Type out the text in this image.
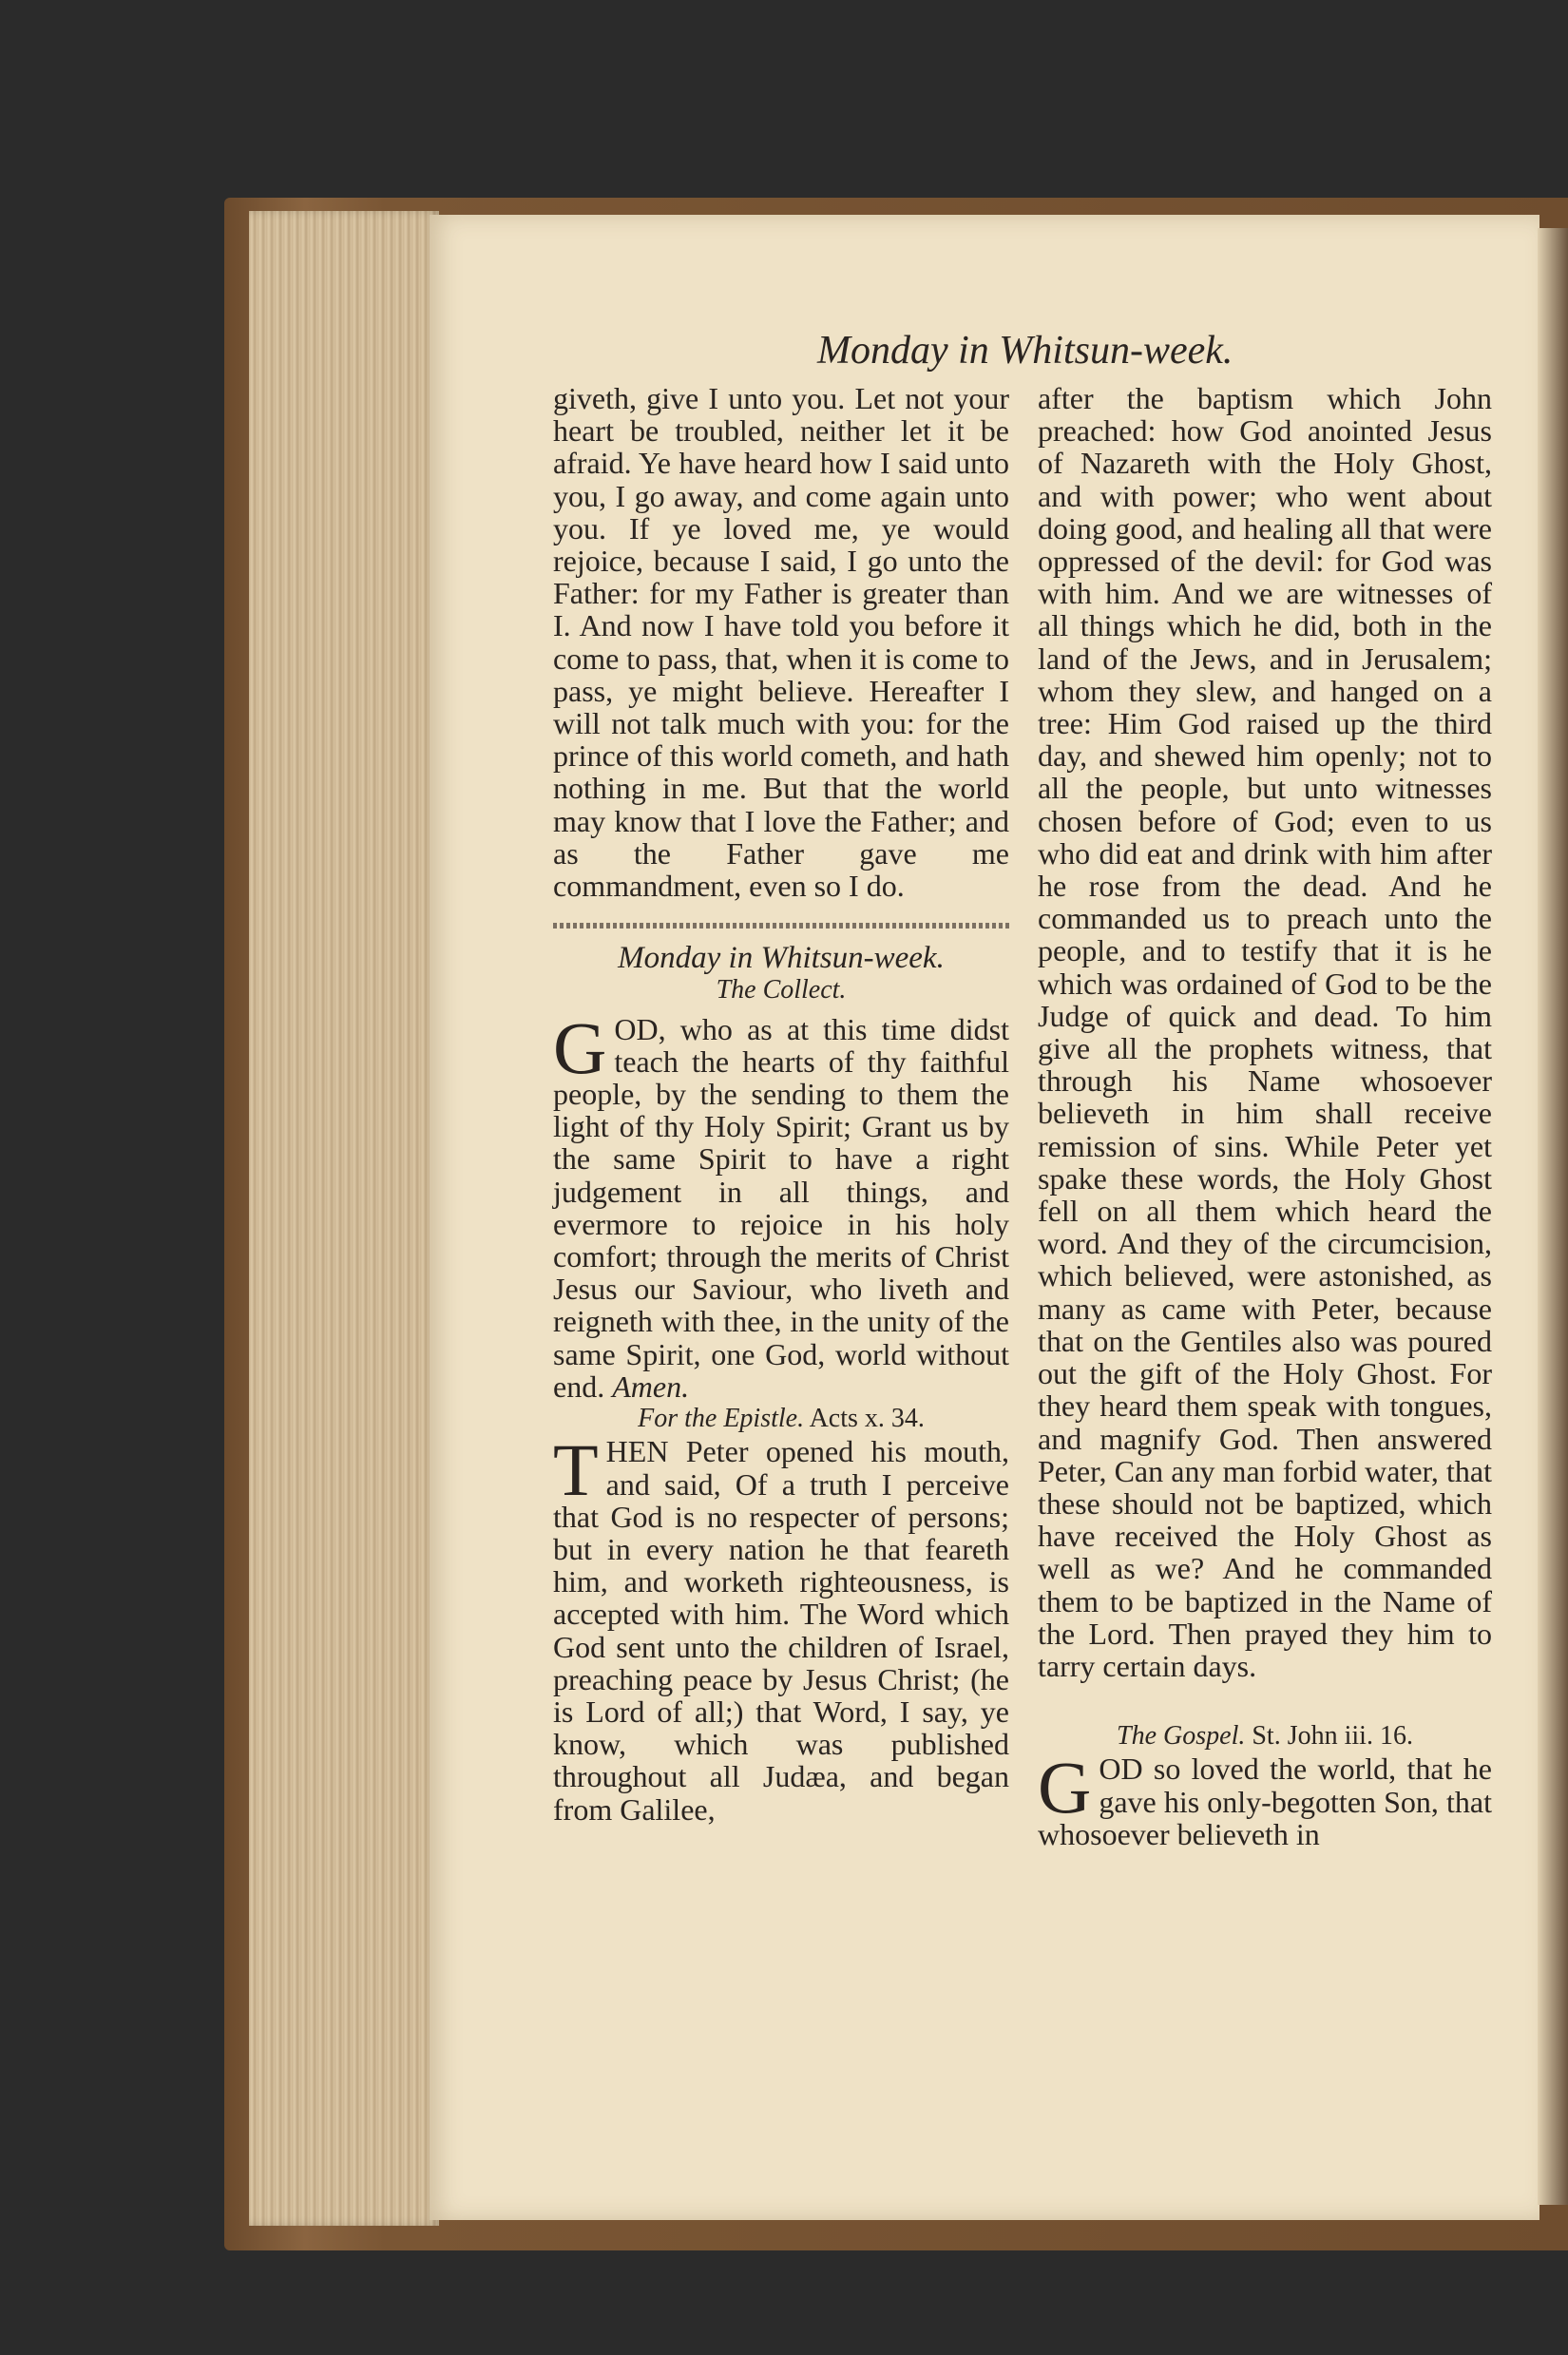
Monday in Whitsun-week.

giveth, give I unto you. Let not your heart be troubled, neither let it be afraid. Ye have heard how I said unto you, I go away, and come again unto you. If ye loved me, ye would rejoice, because I said, I go unto the Father: for my Father is greater than I. And now I have told you before it come to pass, that, when it is come to pass, ye might believe. Hereafter I will not talk much with you: for the prince of this world cometh, and hath nothing in me. But that the world may know that I love the Father; and as the Father gave me commandment, even so I do.

Monday in Whitsun-week.

The Collect.

GOD, who as at this time didst teach the hearts of thy faithful people, by the sending to them the light of thy Holy Spirit; Grant us by the same Spirit to have a right judgement in all things, and evermore to rejoice in his holy comfort; through the merits of Christ Jesus our Saviour, who liveth and reigneth with thee, in the unity of the same Spirit, one God, world without end. Amen.

For the Epistle. Acts x. 34.

THEN Peter opened his mouth, and said, Of a truth I perceive that God is no respecter of persons; but in every nation he that feareth him, and worketh righteousness, is accepted with him. The Word which God sent unto the children of Israel, preaching peace by Jesus Christ; (he is Lord of all;) that Word, I say, ye know, which was published throughout all Judæa, and began from Galilee,

after the baptism which John preached: how God anointed Jesus of Nazareth with the Holy Ghost, and with power; who went about doing good, and healing all that were oppressed of the devil: for God was with him. And we are witnesses of all things which he did, both in the land of the Jews, and in Jerusalem; whom they slew, and hanged on a tree: Him God raised up the third day, and shewed him openly; not to all the people, but unto witnesses chosen before of God; even to us who did eat and drink with him after he rose from the dead. And he commanded us to preach unto the people, and to testify that it is he which was ordained of God to be the Judge of quick and dead. To him give all the prophets witness, that through his Name whosoever believeth in him shall receive remission of sins. While Peter yet spake these words, the Holy Ghost fell on all them which heard the word. And they of the circumcision, which believed, were astonished, as many as came with Peter, because that on the Gentiles also was poured out the gift of the Holy Ghost. For they heard them speak with tongues, and magnify God. Then answered Peter, Can any man forbid water, that these should not be baptized, which have received the Holy Ghost as well as we? And he commanded them to be baptized in the Name of the Lord. Then prayed they him to tarry certain days.

The Gospel. St. John iii. 16.

GOD so loved the world, that he gave his only-begotten Son, that whosoever believeth in
